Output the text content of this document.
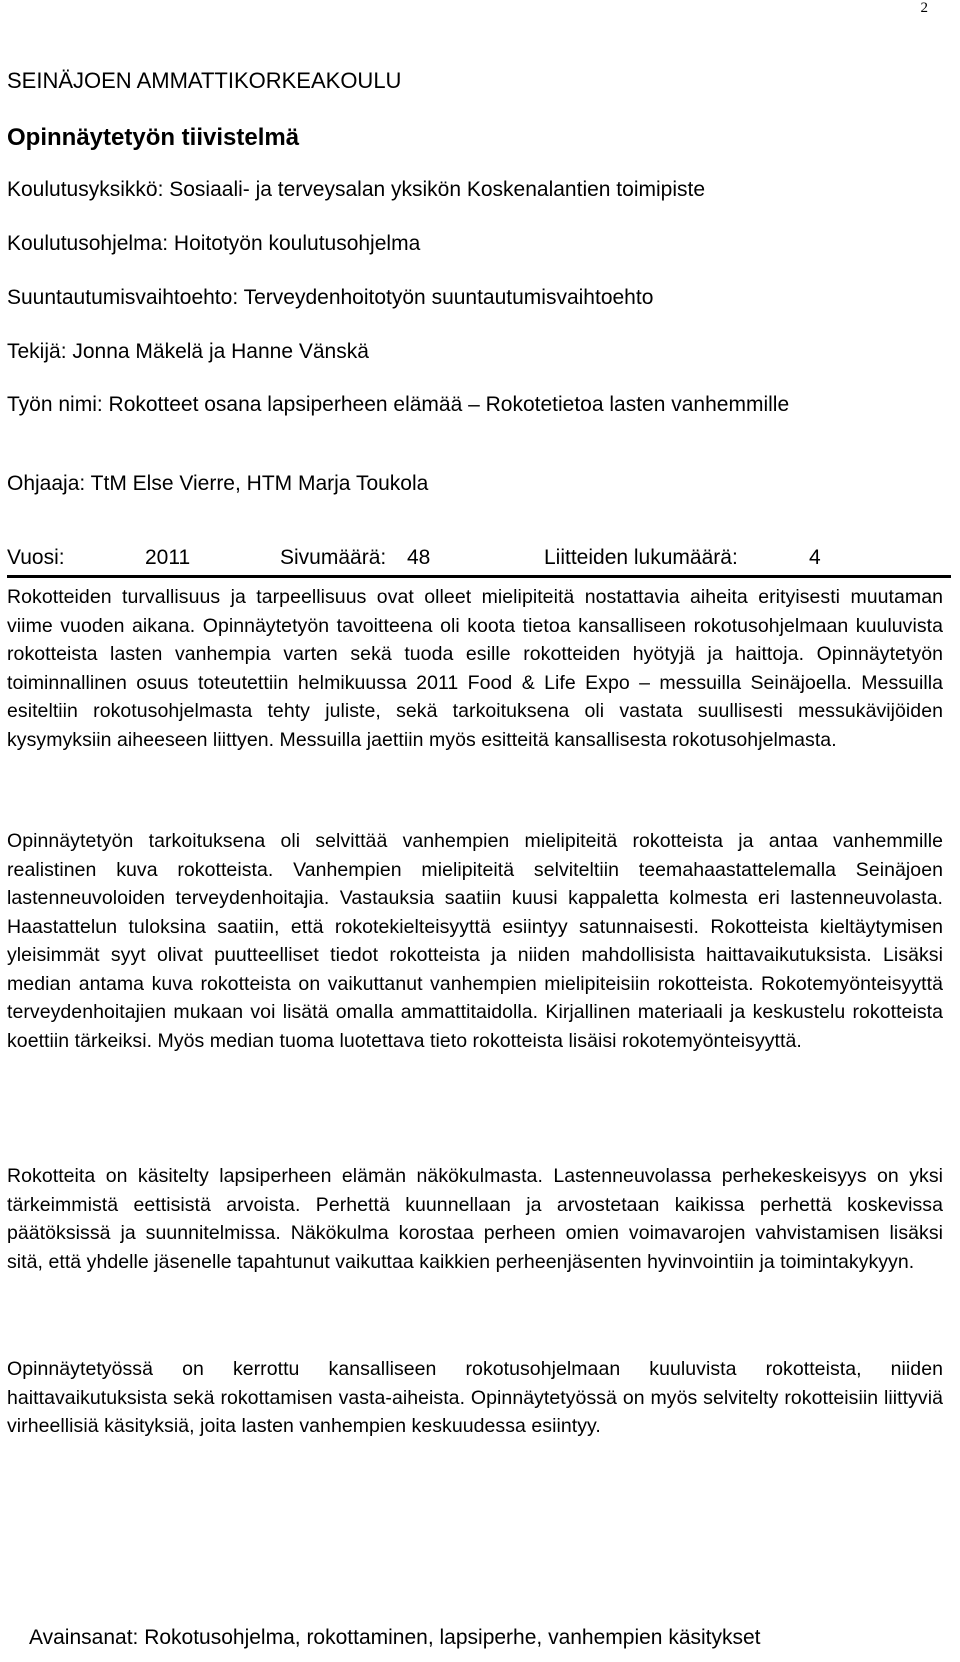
2
SEINÄJOEN AMMATTIKORKEAKOULU
Opinnäytetyön tiivistelmä
Koulutusyksikkö: Sosiaali- ja terveysalan yksikön Koskenalantien toimipiste
Koulutusohjelma: Hoitotyön koulutusohjelma
Suuntautumisvaihtoehto: Terveydenhoitotyön suuntautumisvaihtoehto
Tekijä: Jonna Mäkelä ja Hanne Vänskä
Työn nimi: Rokotteet osana lapsiperheen elämää – Rokotetietoa lasten vanhemmille
Ohjaaja: TtM Else Vierre, HTM Marja Toukola
Vuosi:	2011	Sivumäärä: 48	Liitteiden lukumäärä:	4
Rokotteiden turvallisuus ja tarpeellisuus ovat olleet mielipiteitä nostattavia aiheita erityisesti muutaman viime vuoden aikana. Opinnäytetyön tavoitteena oli koota tietoa kansalliseen rokotusohjelmaan kuuluvista rokotteista lasten vanhempia varten sekä tuoda esille rokotteiden hyötyjä ja haittoja. Opinnäytetyön toiminnallinen osuus toteutettiin helmikuussa 2011 Food & Life Expo – messuilla Seinäjoella. Messuilla esiteltiin rokotusohjelmasta tehty juliste, sekä tarkoituksena oli vastata suullisesti messukävijöiden kysymyksiin aiheeseen liittyen. Messuilla jaettiin myös esitteitä kansallisesta rokotusohjelmasta.
Opinnäytetyön tarkoituksena oli selvittää vanhempien mielipiteitä rokotteista ja antaa vanhemmille realistinen kuva rokotteista. Vanhempien mielipiteitä selviteltiin teemahaastattelemalla Seinäjoen lastenneuvoloiden terveydenhoitajia. Vastauksia saatiin kuusi kappaletta kolmesta eri lastenneuvolasta. Haastattelun tuloksina saatiin, että rokotekielteisyyttä esiintyy satunnaisesti. Rokotteista kieltäytymisen yleisimmät syyt olivat puutteelliset tiedot rokotteista ja niiden mahdollisista haittavaikutuksista. Lisäksi median antama kuva rokotteista on vaikuttanut vanhempien mielipiteisiin rokotteista. Rokotemyönteisyyttä terveydenhoitajien mukaan voi lisätä omalla ammattitaidolla. Kirjallinen materiaali ja keskustelu rokotteista koettiin tärkeiksi. Myös median tuoma luotettava tieto rokotteista lisäisi rokotemyönteisyyttä.
Rokotteita on käsitelty lapsiperheen elämän näkökulmasta. Lastenneuvolassa perhekeskeisyys on yksi tärkeimmistä eettisistä arvoista. Perhettä kuunnellaan ja arvostetaan kaikissa perhettä koskevissa päätöksissä ja suunnitelmissa. Näkökulma korostaa perheen omien voimavarojen vahvistamisen lisäksi sitä, että yhdelle jäsenelle tapahtunut vaikuttaa kaikkien perheenjäsenten hyvinvointiin ja toimintakykyyn.
Opinnäytetyössä on kerrottu kansalliseen rokotusohjelmaan kuuluvista rokotteista, niiden haittavaikutuksista sekä rokottamisen vasta-aiheista. Opinnäytetyössä on myös selvitelty rokotteisiin liittyviä virheellisiä käsityksiä, joita lasten vanhempien keskuudessa esiintyy.
Avainsanat: Rokotusohjelma, rokottaminen, lapsiperhe, vanhempien käsitykset
